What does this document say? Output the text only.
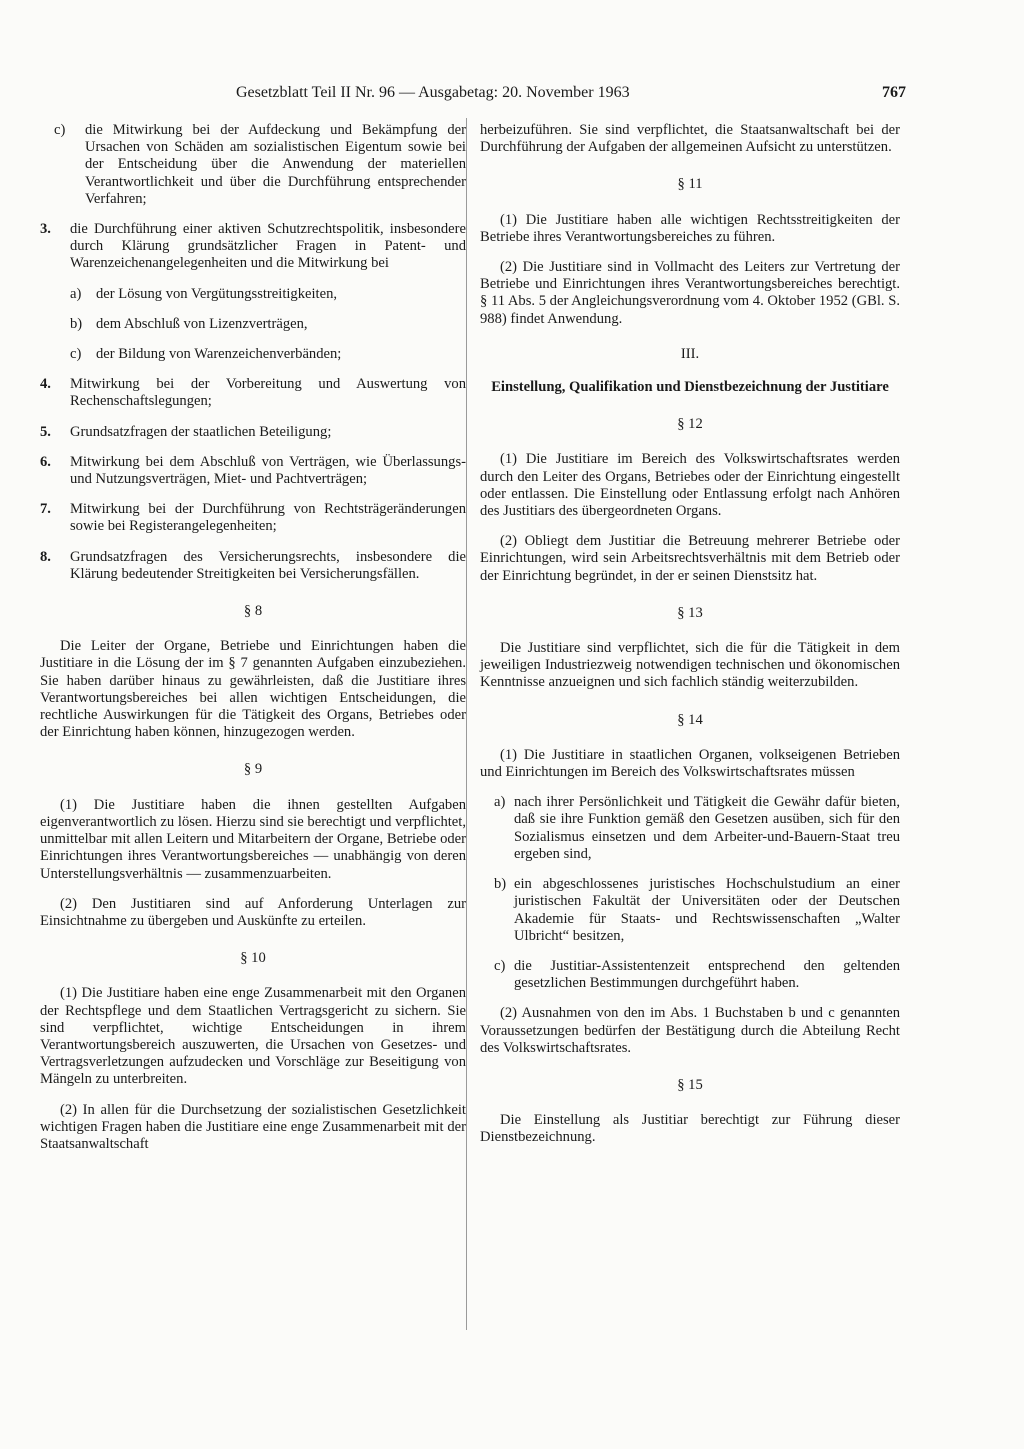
Gesetzblatt Teil II Nr. 96 — Ausgabetag: 20. November 1963	767
c)	die Mitwirkung bei der Aufdeckung und Bekämpfung der Ursachen von Schäden am sozialistischen Eigentum sowie bei der Entscheidung über die Anwendung der materiellen Verantwortlichkeit und über die Durchführung entsprechender Verfahren;
3.	die Durchführung einer aktiven Schutzrechtspolitik, insbesondere durch Klärung grundsätzlicher Fragen in Patent- und Warenzeichenangelegenheiten und die Mitwirkung bei
a)	der Lösung von Vergütungsstreitigkeiten,
b) dem Abschluß von Lizenzverträgen,
c)	der Bildung von Warenzeichenverbänden;
4.	Mitwirkung bei der Vorbereitung und Auswertung von Rechenschaftslegungen;
5.	Grundsatzfragen der staatlichen Beteiligung;
6.	Mitwirkung bei dem Abschluß von Verträgen, wie Überlassungs- und Nutzungsverträgen, Miet- und Pachtverträgen;
7.	Mitwirkung bei der Durchführung von Rechtsträgeränderungen sowie bei Registerangelegenheiten;
8.	Grundsatzfragen des Versicherungsrechts, insbesondere die Klärung bedeutender Streitigkeiten bei Versicherungsfällen.
§ 8

Die Leiter der Organe, Betriebe und Einrichtungen haben die Justitiare in die Lösung der im § 7 genannten Aufgaben einzubeziehen. Sie haben darüber hinaus zu gewährleisten, daß die Justitiare ihres Verantwortungsbereiches bei allen wichtigen Entscheidungen, die rechtliche Auswirkungen für die Tätigkeit des Organs, Betriebes oder der Einrichtung haben können, hinzugezogen werden.

§ 9

(1) Die Justitiare haben die ihnen gestellten Aufgaben eigenverantwortlich zu lösen. Hierzu sind sie berechtigt und verpflichtet, unmittelbar mit allen Leitern und Mitarbeitern der Organe, Betriebe oder Einrichtungen ihres Verantwortungsbereiches — unabhängig von deren Unterstellungsverhältnis — zusammenzuarbeiten.

(2) Den Justitiaren sind auf Anforderung Unterlagen zur Einsichtnahme zu übergeben und Auskünfte zu erteilen.

§ 10

(1) Die Justitiare haben eine enge Zusammenarbeit mit den Organen der Rechtspflege und dem Staatlichen Vertragsgericht zu sichern. Sie sind verpflichtet, wichtige Entscheidungen in ihrem Verantwortungsbereich auszuwerten, die Ursachen von Gesetzes- und Vertragsverletzungen aufzudecken und Vorschläge zur Beseitigung von Mängeln zu unterbreiten.

(2) In allen für die Durchsetzung der sozialistischen Gesetzlichkeit wichtigen Fragen haben die Justitiare eine enge Zusammenarbeit mit der Staatsanwaltschaft

herbeizuführen. Sie sind verpflichtet, die Staatsanwaltschaft bei der Durchführung der Aufgaben der allgemeinen Aufsicht zu unterstützen.

§ 11

(1) Die Justitiare haben alle wichtigen Rechtsstreitigkeiten der Betriebe ihres Verantwortungsbereiches zu führen.

(2) Die Justitiare sind in Vollmacht des Leiters zur Vertretung der Betriebe und Einrichtungen ihres Verantwortungsbereiches berechtigt. § 11 Abs. 5 der Angleichungsverordnung vom 4. Oktober 1952 (GBl. S. 988) findet Anwendung.

III.
Einstellung, Qualifikation und Dienstbezeichnung der Justitiare
§ 12

(1) Die Justitiare im Bereich des Volkswirtschaftsrates werden durch den Leiter des Organs, Betriebes oder der Einrichtung eingestellt oder entlassen. Die Einstellung oder Entlassung erfolgt nach Anhören des Justitiars des übergeordneten Organs.

(2) Obliegt dem Justitiar die Betreuung mehrerer Betriebe oder Einrichtungen, wird sein Arbeitsrechtsverhältnis mit dem Betrieb oder der Einrichtung begründet, in der er seinen Dienstsitz hat.

§ 13

Die Justitiare sind verpflichtet, sich die für die Tätigkeit in dem jeweiligen Industriezweig notwendigen technischen und ökonomischen Kenntnisse anzueignen und sich fachlich ständig weiterzubilden.

§ 14

(1) Die Justitiare in staatlichen Organen, volkseigenen Betrieben und Einrichtungen im Bereich des Volkswirtschaftsrates müssen

a) nach ihrer Persönlichkeit und Tätigkeit die Gewähr dafür bieten, daß sie ihre Funktion gemäß den Gesetzen ausüben, sich für den Sozialismus einsetzen und dem Arbeiter-und-Bauern-Staat treu ergeben sind,
b) ein abgeschlossenes juristisches Hochschulstudium an einer juristischen Fakultät der Universitäten oder der Deutschen Akademie für Staats- und Rechtswissenschaften „Walter Ulbricht“ besitzen,
c) die Justitiar-Assistentenzeit entsprechend den geltenden gesetzlichen Bestimmungen durchgeführt haben.

(2) Ausnahmen von den im Abs. 1 Buchstaben b und c genannten Voraussetzungen bedürfen der Bestätigung durch die Abteilung Recht des Volkswirtschaftsrates.

§ 15

Die Einstellung als Justitiar berechtigt zur Führung dieser Dienstbezeichnung.
